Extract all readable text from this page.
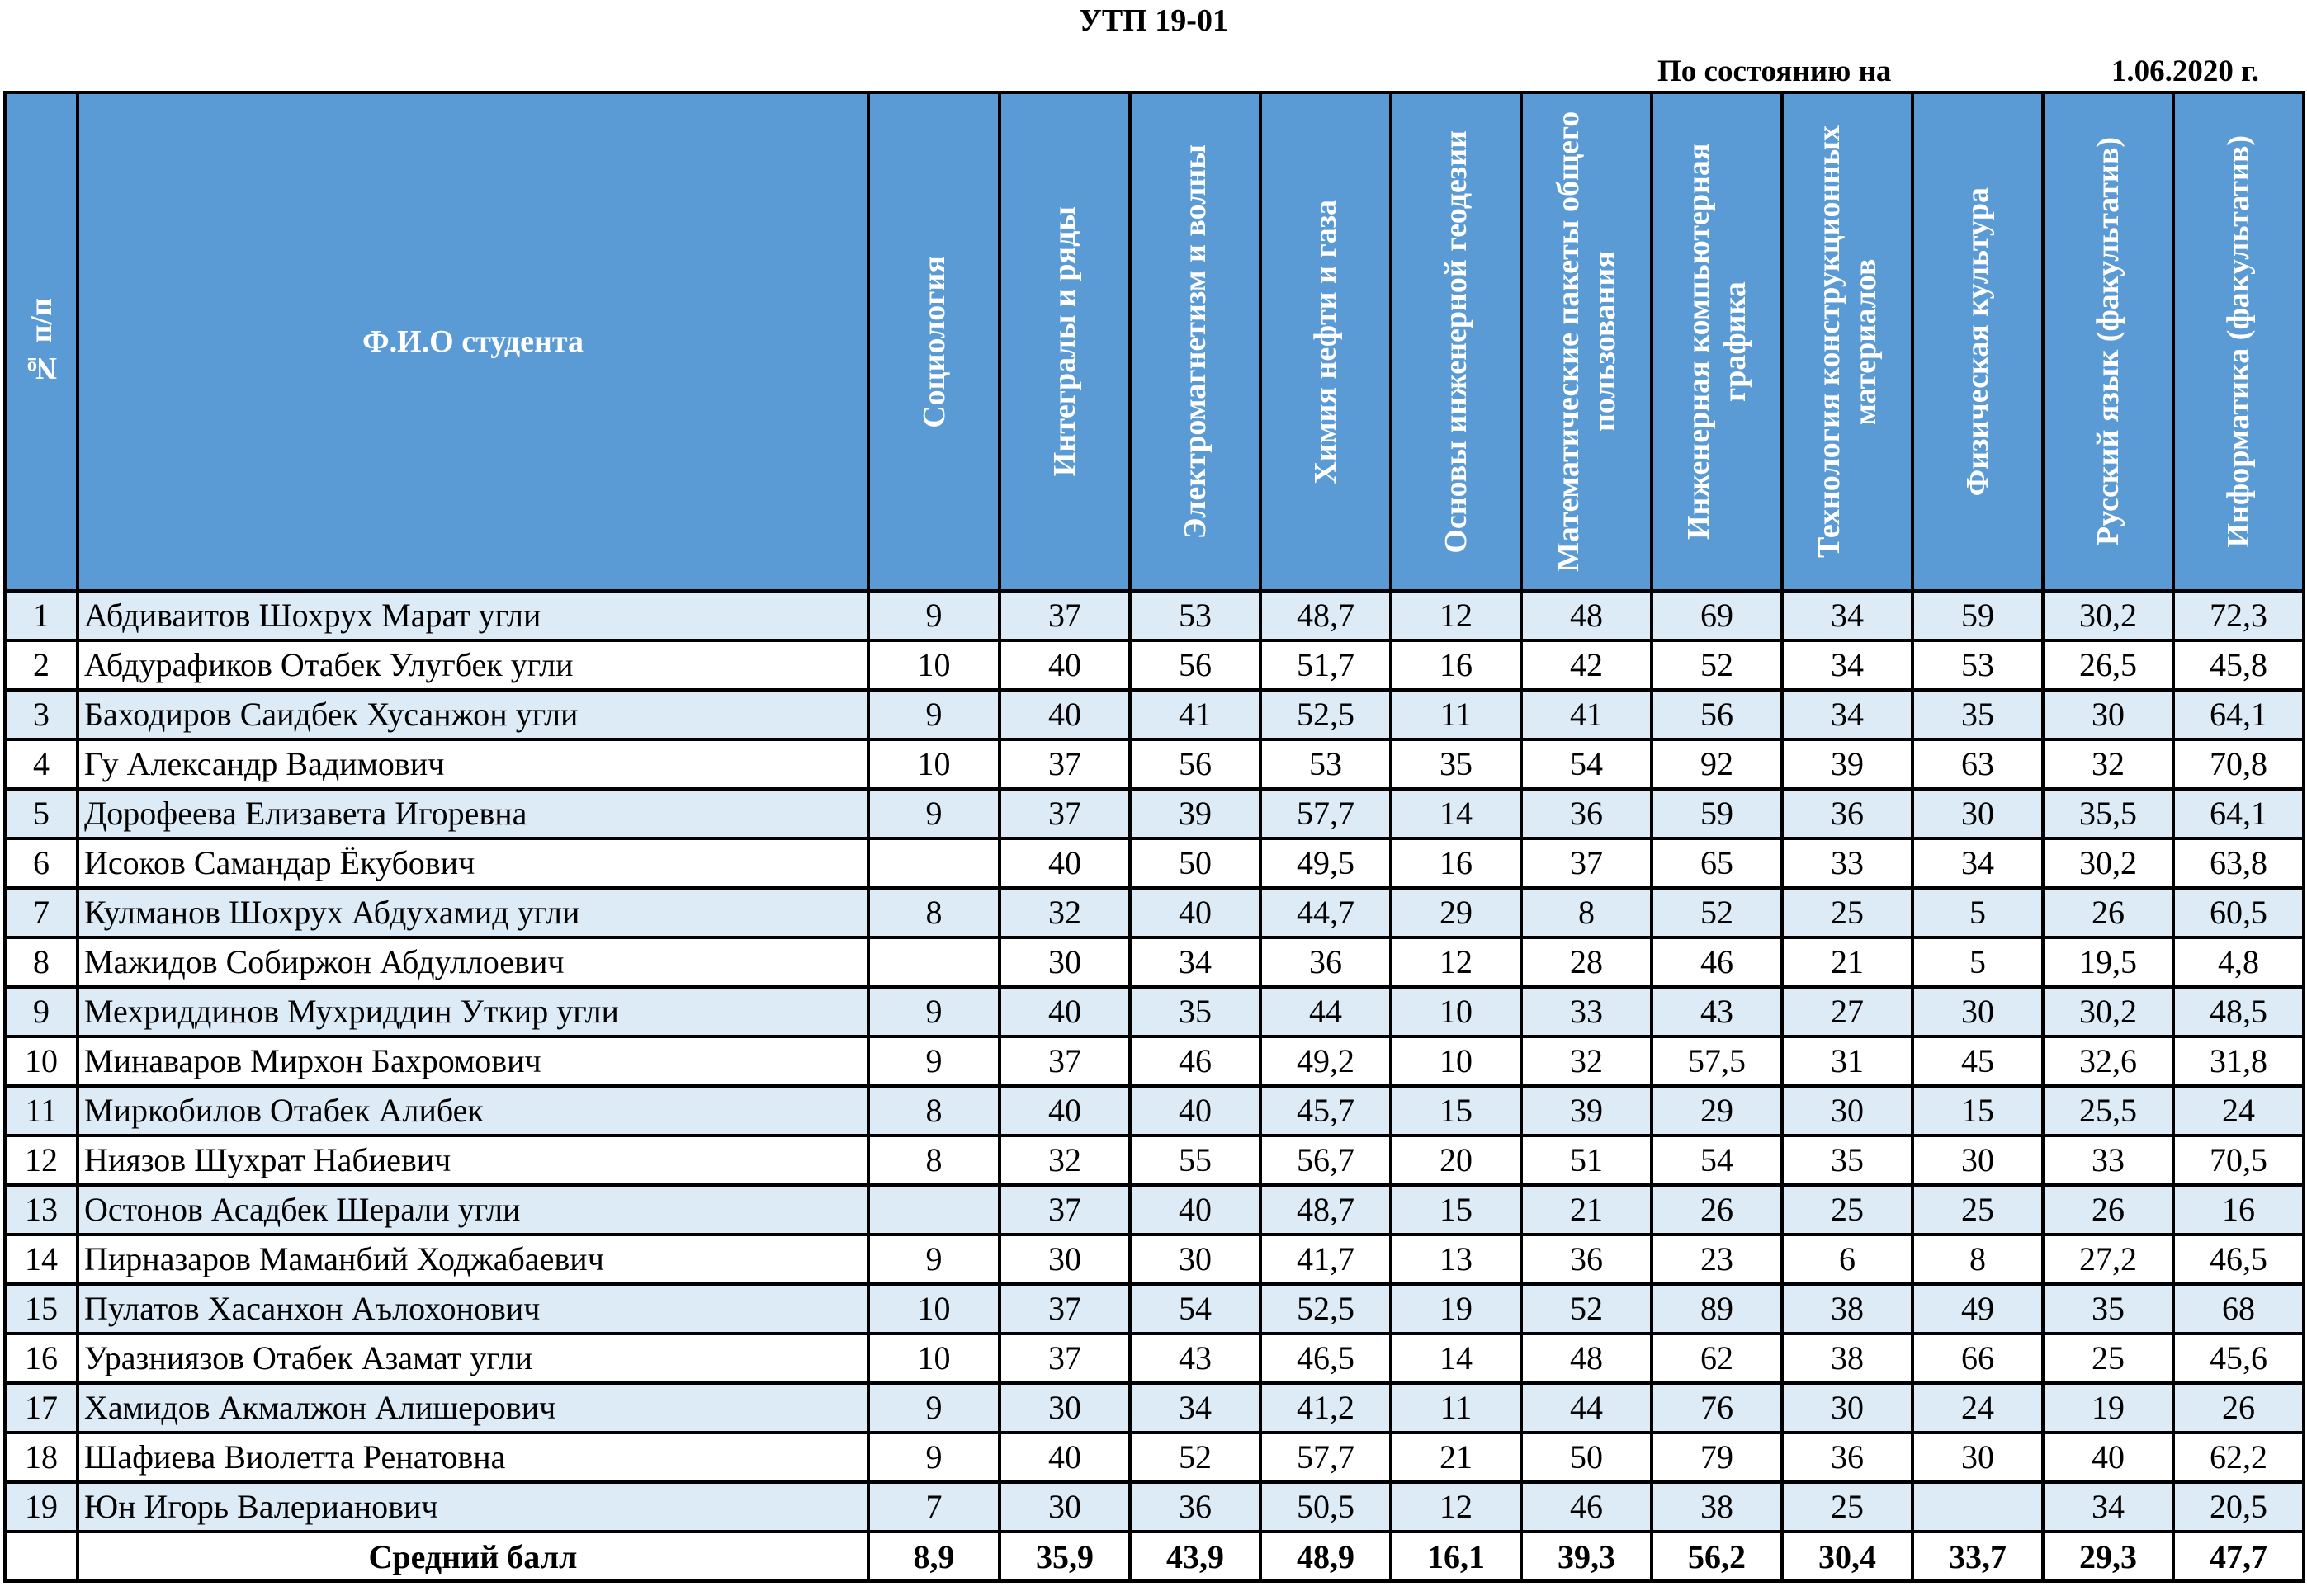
УТП 19-01
По состоянию на	1.06.2020 г.
№ п/п	Ф.И.О студента	Социология	Интегралы и ряды	Электромагнетизм и волны	Химия нефти и газа	Основы инженерной геодезии	Математические пакеты общего пользования	Инженерная компьютерная графика	Технология конструкционных материалов	Физическая культура	Русский язык (факультатив)	Информатика (факультатив)

1	Абдиваитов Шохрух Марат угли	9	37	53	48,7	12	48	69	34	59	30,2	72,3
2	Абдурафиков Отабек Улугбек угли	10	40	56	51,7	16	42	52	34	53	26,5	45,8
3	Баходиров Саидбек Хусанжон угли	9	40	41	52,5	11	41	56	34	35	30	64,1
4	Гу Александр Вадимович	10	37	56	53	35	54	92	39	63	32	70,8
5	Дорофеева Елизавета Игоревна	9	37	39	57,7	14	36	59	36	30	35,5	64,1
6	Исоков Самандар Ёкубович		40	50	49,5	16	37	65	33	34	30,2	63,8
7	Кулманов Шохрух Абдухамид угли	8	32	40	44,7	29	8	52	25	5	26	60,5
8	Мажидов Собиржон Абдуллоевич		30	34	36	12	28	46	21	5	19,5	4,8
9	Мехриддинов Мухриддин Уткир угли	9	40	35	44	10	33	43	27	30	30,2	48,5
10	Минаваров Мирхон Бахромович	9	37	46	49,2	10	32	57,5	31	45	32,6	31,8
11	Миркобилов Отабек Алибек	8	40	40	45,7	15	39	29	30	15	25,5	24
12	Ниязов Шухрат Набиевич	8	32	55	56,7	20	51	54	35	30	33	70,5
13	Остонов Асадбек Шерали угли		37	40	48,7	15	21	26	25	25	26	16
14	Пирназаров Маманбий Ходжабаевич	9	30	30	41,7	13	36	23	6	8	27,2	46,5
15	Пулатов Хасанхон Аълохонович	10	37	54	52,5	19	52	89	38	49	35	68
16	Уразниязов Отабек Азамат угли	10	37	43	46,5	14	48	62	38	66	25	45,6
17	Хамидов Акмалжон Алишерович	9	30	34	41,2	11	44	76	30	24	19	26
18	Шафиева Виолетта Ренатовна	9	40	52	57,7	21	50	79	36	30	40	62,2
19	Юн Игорь Валерианович	7	30	36	50,5	12	46	38	25		34	20,5
	Средний балл	8,9	35,9	43,9	48,9	16,1	39,3	56,2	30,4	33,7	29,3	47,7
